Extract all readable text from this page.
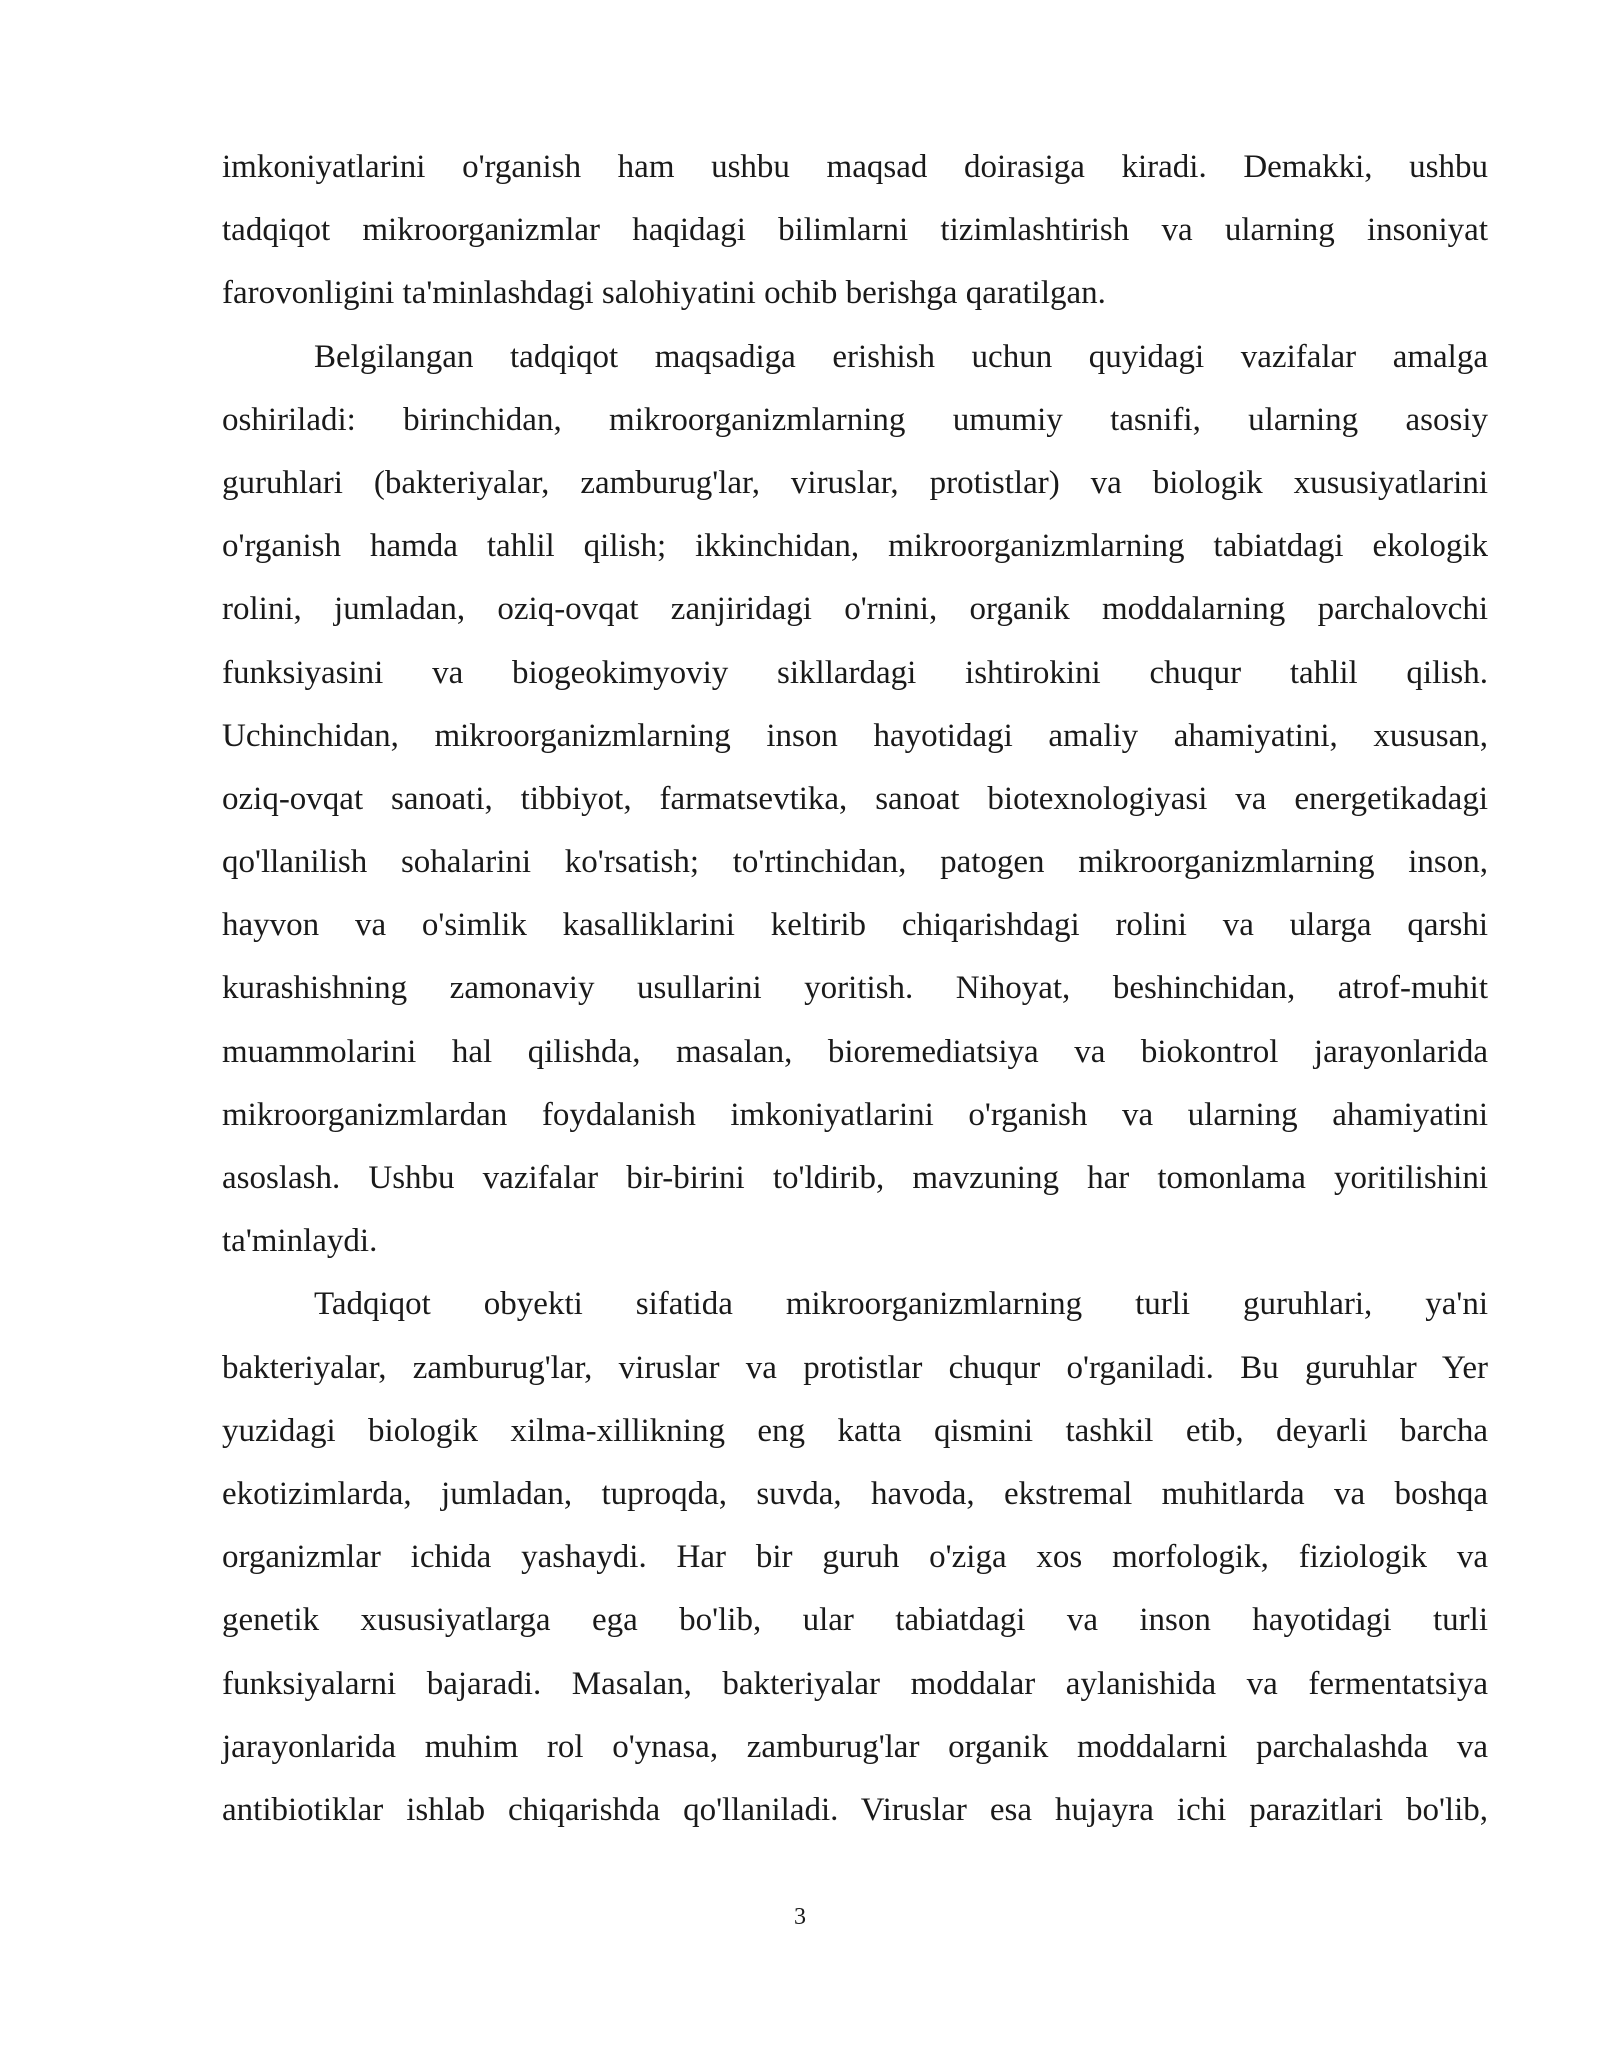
imkoniyatlarini o'rganish ham ushbu maqsad doirasiga kiradi. Demakki, ushbu
tadqiqot mikroorganizmlar haqidagi bilimlarni tizimlashtirish va ularning insoniyat
farovonligini ta'minlashdagi salohiyatini ochib berishga qaratilgan.
Belgilangan tadqiqot maqsadiga erishish uchun quyidagi vazifalar amalga
oshiriladi: birinchidan, mikroorganizmlarning umumiy tasnifi, ularning asosiy
guruhlari (bakteriyalar, zamburug'lar, viruslar, protistlar) va biologik xususiyatlarini
o'rganish hamda tahlil qilish; ikkinchidan, mikroorganizmlarning tabiatdagi ekologik
rolini, jumladan, oziq-ovqat zanjiridagi o'rnini, organik moddalarning parchalovchi
funksiyasini va biogeokimyoviy sikllardagi ishtirokini chuqur tahlil qilish.
Uchinchidan, mikroorganizmlarning inson hayotidagi amaliy ahamiyatini, xususan,
oziq-ovqat sanoati, tibbiyot, farmatsevtika, sanoat biotexnologiyasi va energetikadagi
qo'llanilish sohalarini ko'rsatish; to'rtinchidan, patogen mikroorganizmlarning inson,
hayvon va o'simlik kasalliklarini keltirib chiqarishdagi rolini va ularga qarshi
kurashishning zamonaviy usullarini yoritish. Nihoyat, beshinchidan, atrof-muhit
muammolarini hal qilishda, masalan, bioremediatsiya va biokontrol jarayonlarida
mikroorganizmlardan foydalanish imkoniyatlarini o'rganish va ularning ahamiyatini
asoslash. Ushbu vazifalar bir-birini to'ldirib, mavzuning har tomonlama yoritilishini
ta'minlaydi.
Tadqiqot obyekti sifatida mikroorganizmlarning turli guruhlari, ya'ni
bakteriyalar, zamburug'lar, viruslar va protistlar chuqur o'rganiladi. Bu guruhlar Yer
yuzidagi biologik xilma-xillikning eng katta qismini tashkil etib, deyarli barcha
ekotizimlarda, jumladan, tuproqda, suvda, havoda, ekstremal muhitlarda va boshqa
organizmlar ichida yashaydi. Har bir guruh o'ziga xos morfologik, fiziologik va
genetik xususiyatlarga ega bo'lib, ular tabiatdagi va inson hayotidagi turli
funksiyalarni bajaradi. Masalan, bakteriyalar moddalar aylanishida va fermentatsiya
jarayonlarida muhim rol o'ynasa, zamburug'lar organik moddalarni parchalashda va
antibiotiklar ishlab chiqarishda qo'llaniladi. Viruslar esa hujayra ichi parazitlari bo'lib,
3
